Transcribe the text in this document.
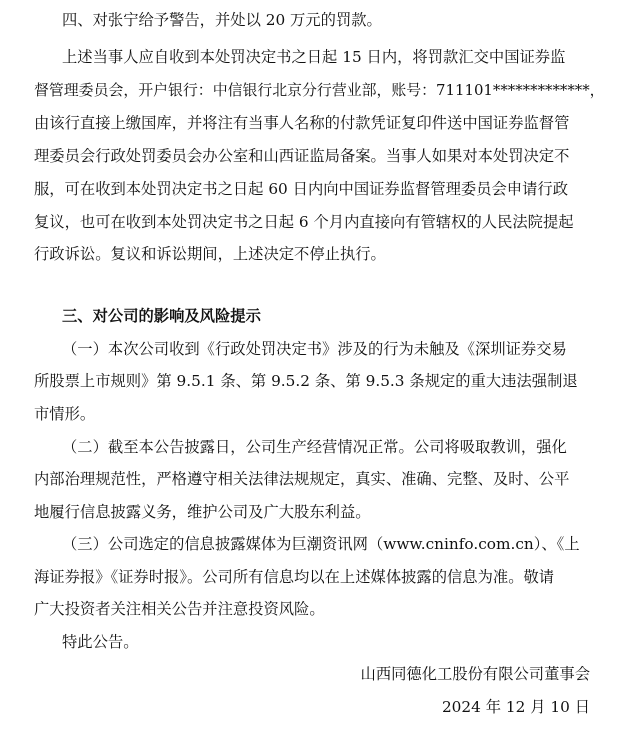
四、对张宁给予警告，并处以 20 万元的罚款。
上述当事人应自收到本处罚决定书之日起 15 日内，将罚款汇交中国证券监
督管理委员会，开户银行：中信银行北京分行营业部，账号：711101*************，
由该行直接上缴国库，并将注有当事人名称的付款凭证复印件送中国证券监督管
理委员会行政处罚委员会办公室和山西证监局备案。当事人如果对本处罚决定不
服，可在收到本处罚决定书之日起 60 日内向中国证券监督管理委员会申请行政
复议，也可在收到本处罚决定书之日起 6 个月内直接向有管辖权的人民法院提起
行政诉讼。复议和诉讼期间，上述决定不停止执行。
三、对公司的影响及风险提示
（一）本次公司收到《行政处罚决定书》涉及的行为未触及《深圳证券交易
所股票上市规则》第 9.5.1 条、第 9.5.2 条、第 9.5.3 条规定的重大违法强制退
市情形。
（二）截至本公告披露日，公司生产经营情况正常。公司将吸取教训，强化
内部治理规范性，严格遵守相关法律法规规定，真实、准确、完整、及时、公平
地履行信息披露义务，维护公司及广大股东利益。
（三）公司选定的信息披露媒体为巨潮资讯网（www.cninfo.com.cn）、《上
海证券报》《证券时报》。公司所有信息均以在上述媒体披露的信息为准。敬请
广大投资者关注相关公告并注意投资风险。
特此公告。
山西同德化工股份有限公司董事会
2024 年 12 月 10 日
